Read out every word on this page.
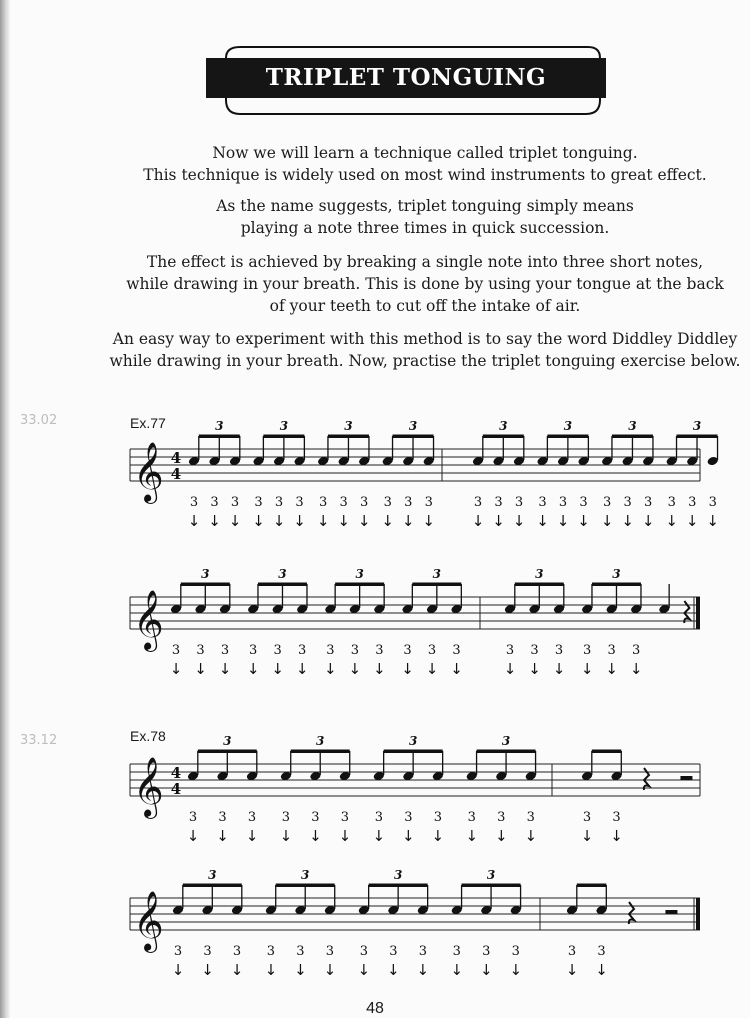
TRIPLET TONGUING

Now we will learn a technique called triplet tonguing.

This technique is widely used on most wind instruments to great effect.

As the name suggests, triplet tonguing simply means

playing a note three times in quick succession.

The effect is achieved by breaking a single note into three short notes,

while drawing in your breath. This is done by using your tongue at the back

of your teeth to cut off the intake of air.

An easy way to experiment with this method is to say the word Diddley Diddley

while drawing in your breath. Now, practise the triplet tonguing exercise below.

33.02
33.12
Ex.77
Ex.78
𝄞 4
4
3
↓
3
↓
3
↓
3
3
↓
3
↓
3
↓
3
3
↓
3
↓
3
↓
3
3
↓
3
↓
3
↓
3
3
↓
3
↓
3
↓
3
3
↓
3
↓
3
↓
3
3
↓
3
↓
3
↓
3
3
↓
3
↓
3
↓
3
𝄞
3
↓
3
↓
3
↓
3
3
↓
3
↓
3
↓
3
3
↓
3
↓
3
↓
3
3
↓
3
↓
3
↓
3
3
↓
3
↓
3
↓
3
3
↓
3
↓
3
↓
3
𝄞 4
4
3
↓
3
↓
3
↓
3
3
↓
3
↓
3
↓
3
3
↓
3
↓
3
↓
3
3
↓
3
↓
3
↓
3
3
↓
3
↓
𝄞
3
↓
3
↓
3
↓
3
3
↓
3
↓
3
↓
3
3
↓
3
↓
3
↓
3
3
↓
3
↓
3
↓
3
3
↓
3
↓
48
